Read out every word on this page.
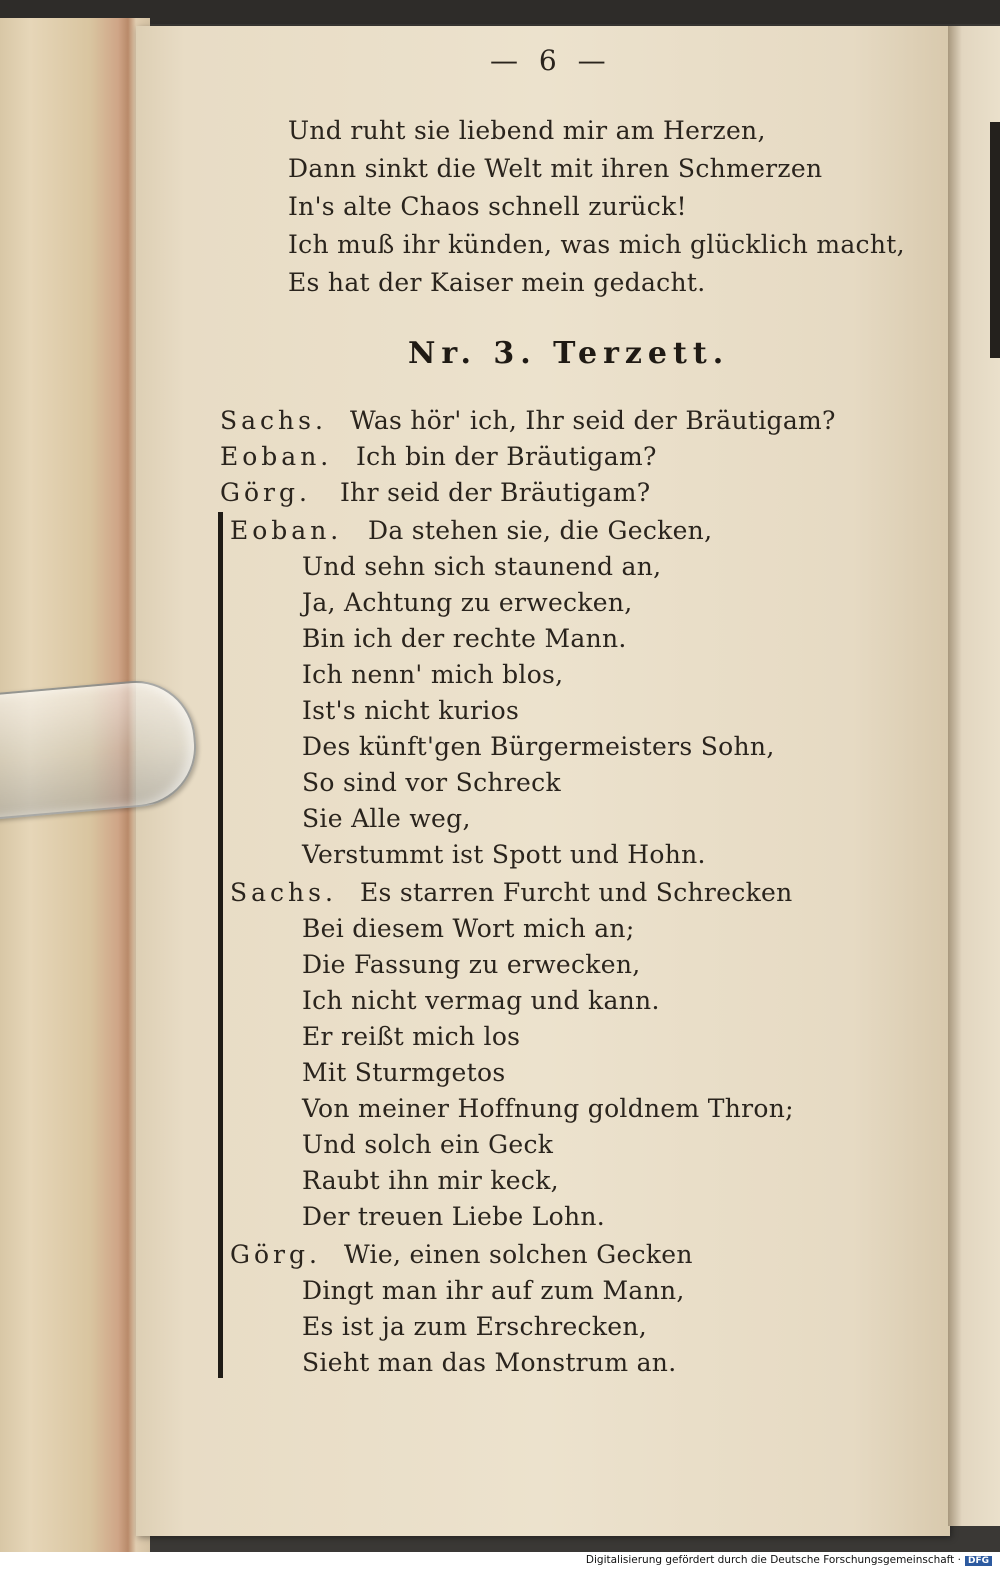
— 6 —
Und ruht sie liebend mir am Herzen,
Dann sinkt die Welt mit ihren Schmerzen
In's alte Chaos schnell zurück!
Ich muß ihr künden, was mich glücklich macht,
Es hat der Kaiser mein gedacht.
Nr. 3. Terzett.
Sachs. Was hör' ich, Ihr seid der Bräutigam?
Eoban. Ich bin der Bräutigam?
Görg. Ihr seid der Bräutigam?
Eoban. Da stehen sie, die Gecken,
Und sehn sich staunend an,
Ja, Achtung zu erwecken,
Bin ich der rechte Mann.
Ich nenn' mich blos,
Ist's nicht kurios
Des künft'gen Bürgermeisters Sohn,
So sind vor Schreck
Sie Alle weg,
Verstummt ist Spott und Hohn.
Sachs. Es starren Furcht und Schrecken
Bei diesem Wort mich an;
Die Fassung zu erwecken,
Ich nicht vermag und kann.
Er reißt mich los
Mit Sturmgetos
Von meiner Hoffnung goldnem Thron;
Und solch ein Geck
Raubt ihn mir keck,
Der treuen Liebe Lohn.
Görg. Wie, einen solchen Gecken
Dingt man ihr auf zum Mann,
Es ist ja zum Erschrecken,
Sieht man das Monstrum an.
Digitalisierung gefördert durch die Deutsche Forschungsgemeinschaft · DFG
